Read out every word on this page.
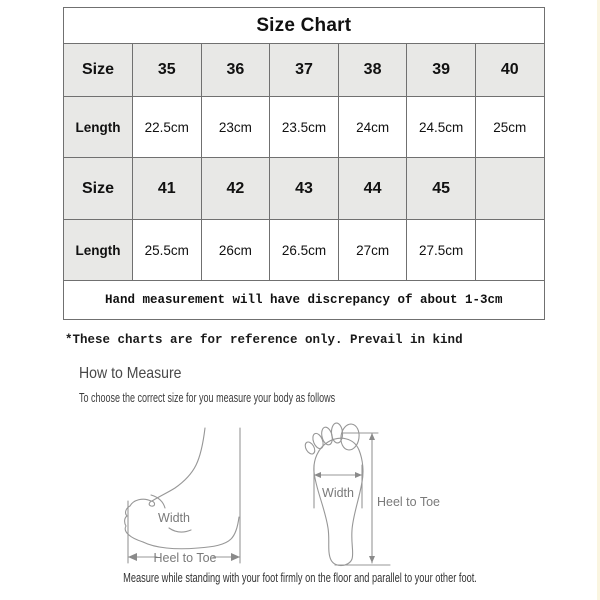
Size Chart						
Size	35	36	37	38	39	40
Length	22.5cm	23cm	23.5cm	24cm	24.5cm	25cm
Size	41	42	43	44	45	
Length	25.5cm	26cm	26.5cm	27cm	27.5cm	
Hand measurement will have discrepancy of about 1-3cm						
*These charts are for reference only. Prevail in kind
How to Measure
To choose the correct size for you measure your body as follows
Width
Heel to Toe
Width
Heel to Toe
Measure while standing with your foot firmly on the floor and parallel to your other foot.
